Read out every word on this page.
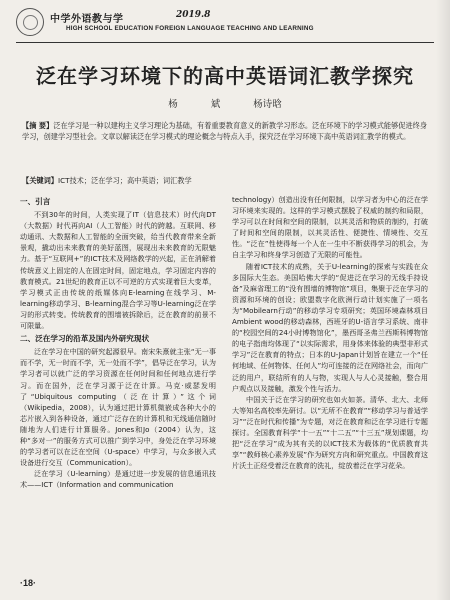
中学外语教与学	2019.8
HIGH SCHOOL EDUCATION FOREIGN LANGUAGE TEACHING AND LEARNING
泛在学习环境下的高中英语词汇教学探究
杨 斌	杨诗晗
【摘 要】泛在学习是一种以建构主义学习理论为基础，有着重要教育意义的新教学习形态。泛在环境下的学习模式能够促进终身学习，创建学习型社会。文章以解读泛在学习模式的理论概念与特点入手，探究泛在学习环境下高中英语词汇教学的模式。
【关键词】ICT技术；泛在学习；高中英语；词汇教学
一、引言

不到30年的时间，人类实现了IT（信息技术）时代向DT（大数据）时代再向AI（人工智能）时代的跨越。互联网、移动通讯、大数据和人工智能的全面突破，给当代教育带来全新景观，撬动出未来教育的美好蓝图，展现出未来教育的无限魅力。基于“互联网+”的ICT技术及网络教学的兴起，正在消解着传统意义上固定的人在固定时间，固定地点，学习固定内容的教育模式。21世纪的教育正以不可逆的方式实现着巨大变革，学习模式正由传统的纸媒体向E-learning在线学习、M-learning移动学习、B-learning混合学习等U-learning泛在学习的形式转变。传统教育的围墙被拆除后，泛在教育的前景不可限量。

二、泛在学习的沿革及国内外研究现状

泛在学习在中国的研究起源很早。南宋朱熹就主张“无一事而不学，无一时而不学，无一处而不学”，倡导泛在学习，认为学习者可以就广泛的学习资源在任何时间和任何地点进行学习。而在国外，泛在学习源于泛在计算。马克·威瑟发明了“Ubiquitous computing（泛在计算）”这个词（Wikipedia，2008），认为通过把计算机微嵌成各种大小的芯片嵌入到各种设备，通过广泛存在的计算机和无线通信随时随地为人们进行计算服务。Jones和Jo（2004）认为，这种“多对一”的服务方式可以推广到学习中，身处泛在学习环境的学习者可以在泛在空间（U-space）中学习，与众多嵌入式设备进行交互（Communication）。

泛在学习（U-learning）是通过进一步发展的信息通讯技术——ICT（Information and communication

technology）创造出没有任何限制，以学习者为中心的泛在学习环境来实现的。这样的学习模式摆脱了权威的制约和局限，学习可以在时间和空间的限制，以其灵活和物质的制约，打破了时间和空间的限制，以其灵活性、便捷性、情境性、交互性。“泛在”性使得每一个人在一生中不断获得学习的机会，为自主学习和终身学习创造了无限的可能性。

随着ICT技术的成熟，关于U-learning的探索与实践在众多国际大生态。美国哈佛大学的“促进泛在学习的无线手持设备”及麻省理工的“没有围墙的博物馆”项目，集聚于泛在学习的资源和环境的创设；欧盟数字化欧洲行动计划实施了一项名为“Mobilearn行动”的移动学习专项研究；英国环境森林项目Ambient wood的移动森林，西班牙的U-语言学习系统、南非的“校园空间的24小时博物馆化”，墨西哥圣弗兰西斯科博物馆的电子指南均体现了“以实际需求，用身体来体验的典型非形式学习”泛在教育的特点；日本的U-Japan计划旨在建立一个“任何地域、任何物体、任何人”均可连接的泛在网络社会，而向广泛的用户，联结所有的人与物，实现人与人心灵接触，整合用户观点以及接触，激发个性与活力。

中国关于泛在学习的研究也如火如荼。清华、北大、北师大等知名高校率先研讨。以“无所不在教育”“移动学习与普适学习”“泛在时代和传播”为专题，对泛在教育和泛在学习进行专题探讨。全国教育科学“十一五”“十二五”“十三五”规划课题，均把“泛在学习”成为其有关的以ICT技术为载体的“优质教育共享”“教师核心素养发展”作为研究方向和研究重点。中国教育这片沃土正经受着泛在教育的洗礼，绽放着泛在学习花朵。

·18·
